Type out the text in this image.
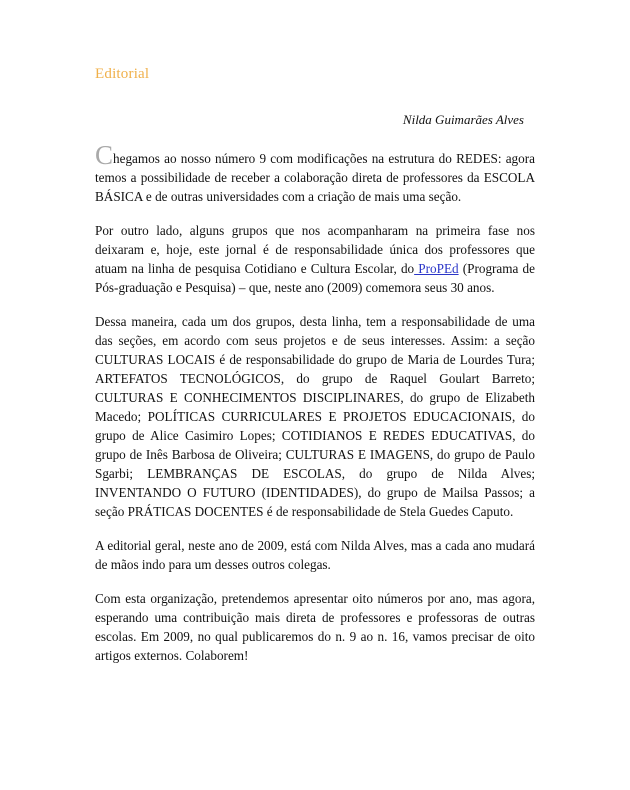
Editorial
Nilda Guimarães Alves

Chegamos ao nosso número 9 com modificações na estrutura do REDES: agora temos a possibilidade de receber a colaboração direta de professores da ESCOLA BÁSICA e de outras universidades com a criação de mais uma seção.

Por outro lado, alguns grupos que nos acompanharam na primeira fase nos deixaram e, hoje, este jornal é de responsabilidade única dos professores que atuam na linha de pesquisa Cotidiano e Cultura Escolar, do ProPEd (Programa de Pós-graduação e Pesquisa) – que, neste ano (2009) comemora seus 30 anos.

Dessa maneira, cada um dos grupos, desta linha, tem a responsabilidade de uma das seções, em acordo com seus projetos e de seus interesses. Assim: a seção CULTURAS LOCAIS é de responsabilidade do grupo de Maria de Lourdes Tura; ARTEFATOS TECNOLÓGICOS, do grupo de Raquel Goulart Barreto; CULTURAS E CONHECIMENTOS DISCIPLINARES, do grupo de Elizabeth Macedo; POLÍTICAS CURRICULARES E PROJETOS EDUCACIONAIS, do grupo de Alice Casimiro Lopes; COTIDIANOS E REDES EDUCATIVAS, do grupo de Inês Barbosa de Oliveira; CULTURAS E IMAGENS, do grupo de Paulo Sgarbi; LEMBRANÇAS DE ESCOLAS, do grupo de Nilda Alves; INVENTANDO O FUTURO (IDENTIDADES), do grupo de Mailsa Passos; a seção PRÁTICAS DOCENTES é de responsabilidade de Stela Guedes Caputo.

A editorial geral, neste ano de 2009, está com Nilda Alves, mas a cada ano mudará de mãos indo para um desses outros colegas.

Com esta organização, pretendemos apresentar oito números por ano, mas agora, esperando uma contribuição mais direta de professores e professoras de outras escolas. Em 2009, no qual publicaremos do n. 9 ao n. 16, vamos precisar de oito artigos externos. Colaborem!
